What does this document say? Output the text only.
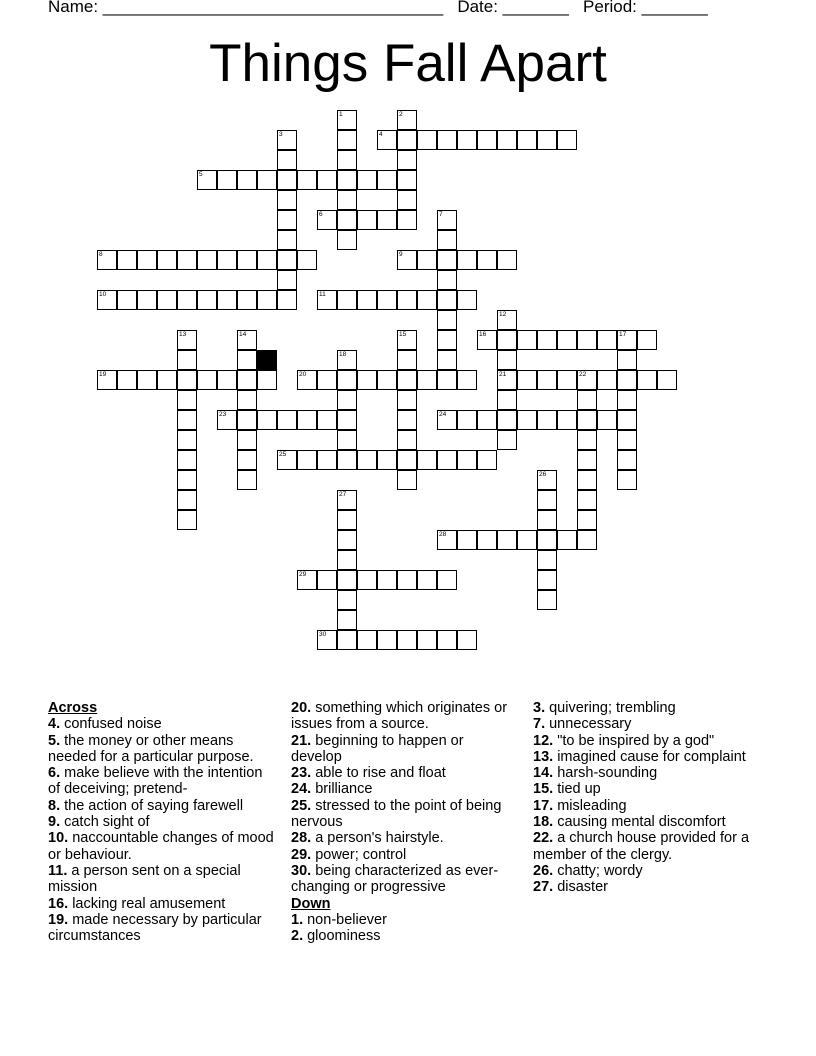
Name: ____________________________________   Date: _______   Period: _______
Things Fall Apart
1	2
3	4
5
6	7
8	9
10	11
12
13	14	15	16	17
18
19	20	21	22
23	24
25
26
27
28
29
30
Across
4. confused noise
5. the money or other means needed for a particular purpose.
6. make believe with the intention of deceiving; pretend-
8. the action of saying farewell
9. catch sight of
10. naccountable changes of mood or behaviour.
11. a person sent on a special mission
16. lacking real amusement
19. made necessary by particular circumstances
20. something which originates or issues from a source.
21. beginning to happen or develop
23. able to rise and float
24. brilliance
25. stressed to the point of being nervous
28. a person's hairstyle.
29. power; control
30. being characterized as ever-changing or progressive
Down
1. non-believer
2. gloominess
3. quivering; trembling
7. unnecessary
12. "to be inspired by a god"
13. imagined cause for complaint
14. harsh-sounding
15. tied up
17. misleading
18. causing mental discomfort
22. a church house provided for a member of the clergy.
26. chatty; wordy
27. disaster
